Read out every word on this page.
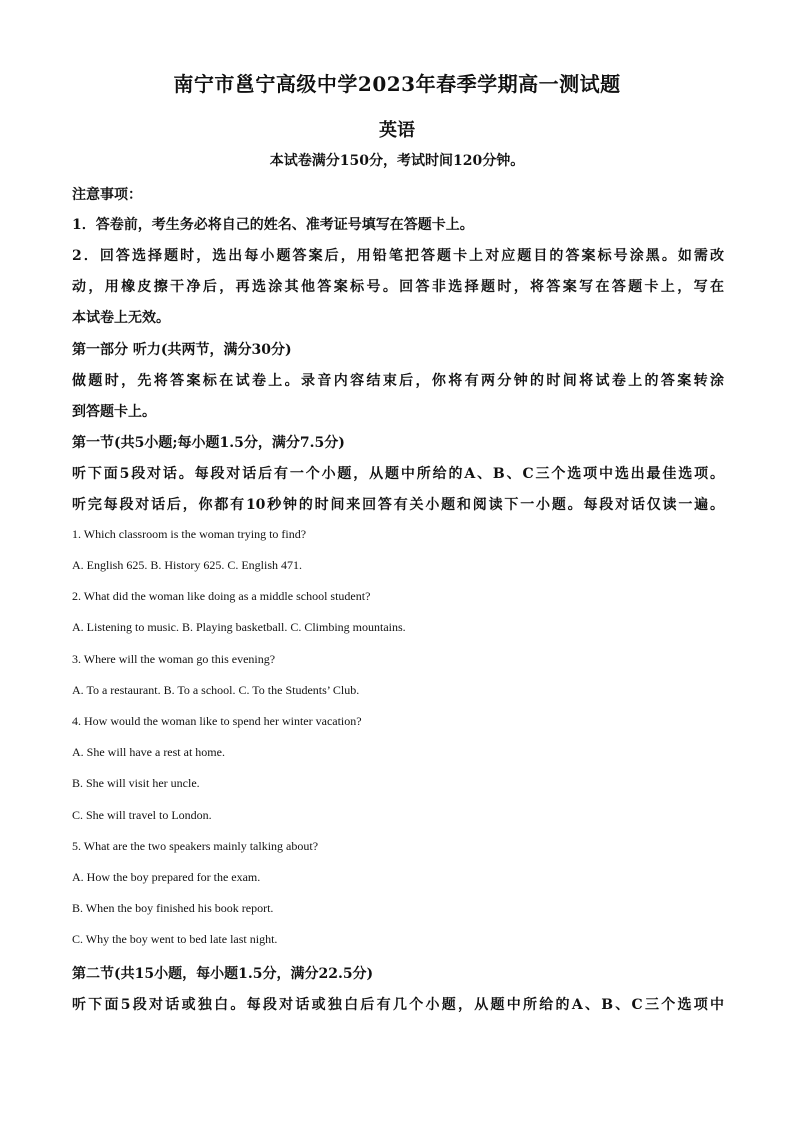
南宁市邕宁高级中学2023年春季学期高一测试题
英语
本试卷满分150分，考试时间120分钟。
注意事项：
1．答卷前，考生务必将自己的姓名、准考证号填写在答题卡上。
2．回答选择题时，选出每小题答案后，用铅笔把答题卡上对应题目的答案标号涂黑。如需改
动，用橡皮擦干净后，再选涂其他答案标号。回答非选择题时，将答案写在答题卡上，写在
本试卷上无效。
第一部分 听力(共两节，满分30分)
做题时，先将答案标在试卷上。录音内容结束后，你将有两分钟的时间将试卷上的答案转涂
到答题卡上。
第一节(共5小题;每小题1.5分，满分7.5分)
听下面5段对话。每段对话后有一个小题，从题中所给的A、B、C三个选项中选出最佳选项。
听完每段对话后，你都有10秒钟的时间来回答有关小题和阅读下一小题。每段对话仅读一遍。
1. Which classroom is the woman trying to find?
A. English 625. B. History 625. C. English 471.
2. What did the woman like doing as a middle school student?
A. Listening to music. B. Playing basketball. C. Climbing mountains.
3. Where will the woman go this evening?
A. To a restaurant. B. To a school. C. To the Students’ Club.
4. How would the woman like to spend her winter vacation?
A. She will have a rest at home.
B. She will visit her uncle.
C. She will travel to London.
5. What are the two speakers mainly talking about?
A. How the boy prepared for the exam.
B. When the boy finished his book report.
C. Why the boy went to bed late last night.
第二节(共15小题，每小题1.5分，满分22.5分)
听下面5段对话或独白。每段对话或独白后有几个小题，从题中所给的A、B、C三个选项中
